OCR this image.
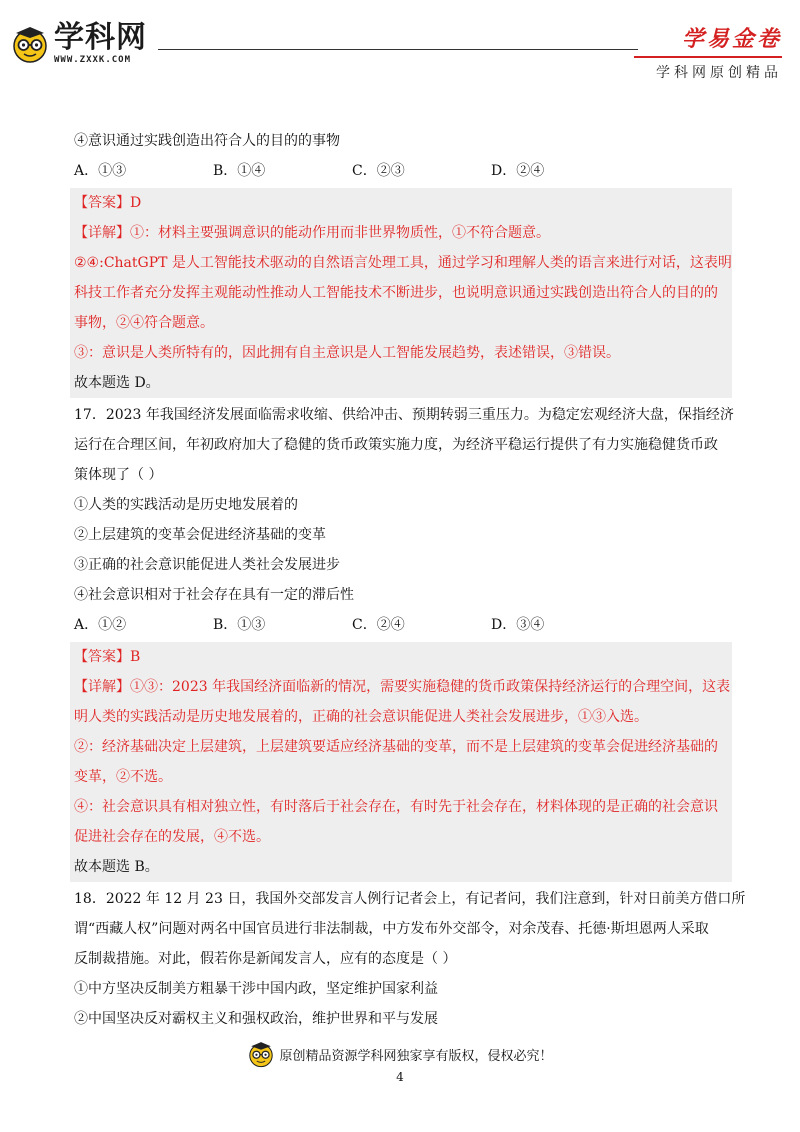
学科网
WWW.ZXXK.COM
学易金卷
学科网原创精品
④意识通过实践创造出符合人的目的的事物
A．①③	B．①④	C．②③	D．②④
【答案】D
【详解】①：材料主要强调意识的能动作用而非世界物质性，①不符合题意。
②④:ChatGPT 是人工智能技术驱动的自然语言处理工具，通过学习和理解人类的语言来进行对话，这表明
科技工作者充分发挥主观能动性推动人工智能技术不断进步，也说明意识通过实践创造出符合人的目的的
事物，②④符合题意。
③：意识是人类所特有的，因此拥有自主意识是人工智能发展趋势，表述错误，③错误。
故本题选 D。
17．2023 年我国经济发展面临需求收缩、供给冲击、预期转弱三重压力。为稳定宏观经济大盘，保指经济
运行在合理区间，年初政府加大了稳健的货币政策实施力度，为经济平稳运行提供了有力实施稳健货币政
策体现了（ ）
①人类的实践活动是历史地发展着的
②上层建筑的变革会促进经济基础的变革
③正确的社会意识能促进人类社会发展进步
④社会意识相对于社会存在具有一定的滞后性
A．①②	B．①③	C．②④	D．③④
【答案】B
【详解】①③：2023 年我国经济面临新的情况，需要实施稳健的货币政策保持经济运行的合理空间，这表
明人类的实践活动是历史地发展着的，正确的社会意识能促进人类社会发展进步，①③入选。
②：经济基础决定上层建筑，上层建筑要适应经济基础的变革，而不是上层建筑的变革会促进经济基础的
变革，②不选。
④：社会意识具有相对独立性，有时落后于社会存在，有时先于社会存在，材料体现的是正确的社会意识
促进社会存在的发展，④不选。
故本题选 B。
18．2022 年 12 月 23 日，我国外交部发言人例行记者会上，有记者问，我们注意到，针对日前美方借口所
谓“西藏人权”问题对两名中国官员进行非法制裁，中方发布外交部令，对余茂春、托德·斯坦恩两人采取
反制裁措施。对此，假若你是新闻发言人，应有的态度是（ ）
①中方坚决反制美方粗暴干涉中国内政，坚定维护国家利益
②中国坚决反对霸权主义和强权政治，维护世界和平与发展
原创精品资源学科网独家享有版权，侵权必究！
4
